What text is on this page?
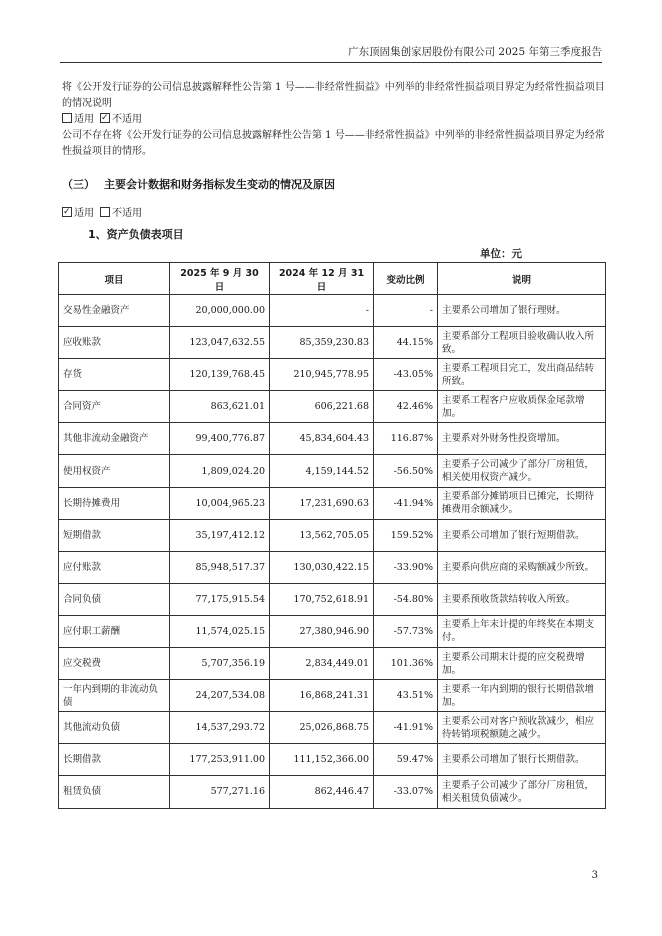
广东顶固集创家居股份有限公司 2025 年第三季度报告
将《公开发行证券的公司信息披露解释性公告第 1 号——非经常性损益》中列举的非经常性损益项目界定为经常性损益项目的情况说明
适用 ✓ 不适用
公司不存在将《公开发行证券的公司信息披露解释性公告第 1 号——非经常性损益》中列举的非经常性损益项目界定为经常性损益项目的情形。
（三） 主要会计数据和财务指标发生变动的情况及原因
✓适用 不适用
1、资产负债表项目
单位：元
项目	2025 年 9 月 30 日	2024 年 12 月 31 日	变动比例	说明
交易性金融资产	20,000,000.00	-	-	主要系公司增加了银行理财。
应收账款	123,047,632.55	85,359,230.83	44.15%	主要系部分工程项目验收确认收入所致。
存货	120,139,768.45	210,945,778.95	-43.05%	主要系工程项目完工，发出商品结转所致。
合同资产	863,621.01	606,221.68	42.46%	主要系工程客户应收质保金尾款增加。
其他非流动金融资产	99,400,776.87	45,834,604.43	116.87%	主要系对外财务性投资增加。
使用权资产	1,809,024.20	4,159,144.52	-56.50%	主要系子公司减少了部分厂房租赁，相关使用权资产减少。
长期待摊费用	10,004,965.23	17,231,690.63	-41.94%	主要系部分摊销项目已摊完，长期待摊费用余额减少。
短期借款	35,197,412.12	13,562,705.05	159.52%	主要系公司增加了银行短期借款。
应付账款	85,948,517.37	130,030,422.15	-33.90%	主要系向供应商的采购额减少所致。
合同负债	77,175,915.54	170,752,618.91	-54.80%	主要系预收货款结转收入所致。
应付职工薪酬	11,574,025.15	27,380,946.90	-57.73%	主要系上年末计提的年终奖在本期支付。
应交税费	5,707,356.19	2,834,449.01	101.36%	主要系公司期末计提的应交税费增加。
一年内到期的非流动负债	24,207,534.08	16,868,241.31	43.51%	主要系一年内到期的银行长期借款增加。
其他流动负债	14,537,293.72	25,026,868.75	-41.91%	主要系公司对客户预收款减少，相应待转销项税额随之减少。
长期借款	177,253,911.00	111,152,366.00	59.47%	主要系公司增加了银行长期借款。
租赁负债	577,271.16	862,446.47	-33.07%	主要系子公司减少了部分厂房租赁，相关租赁负债减少。
3
